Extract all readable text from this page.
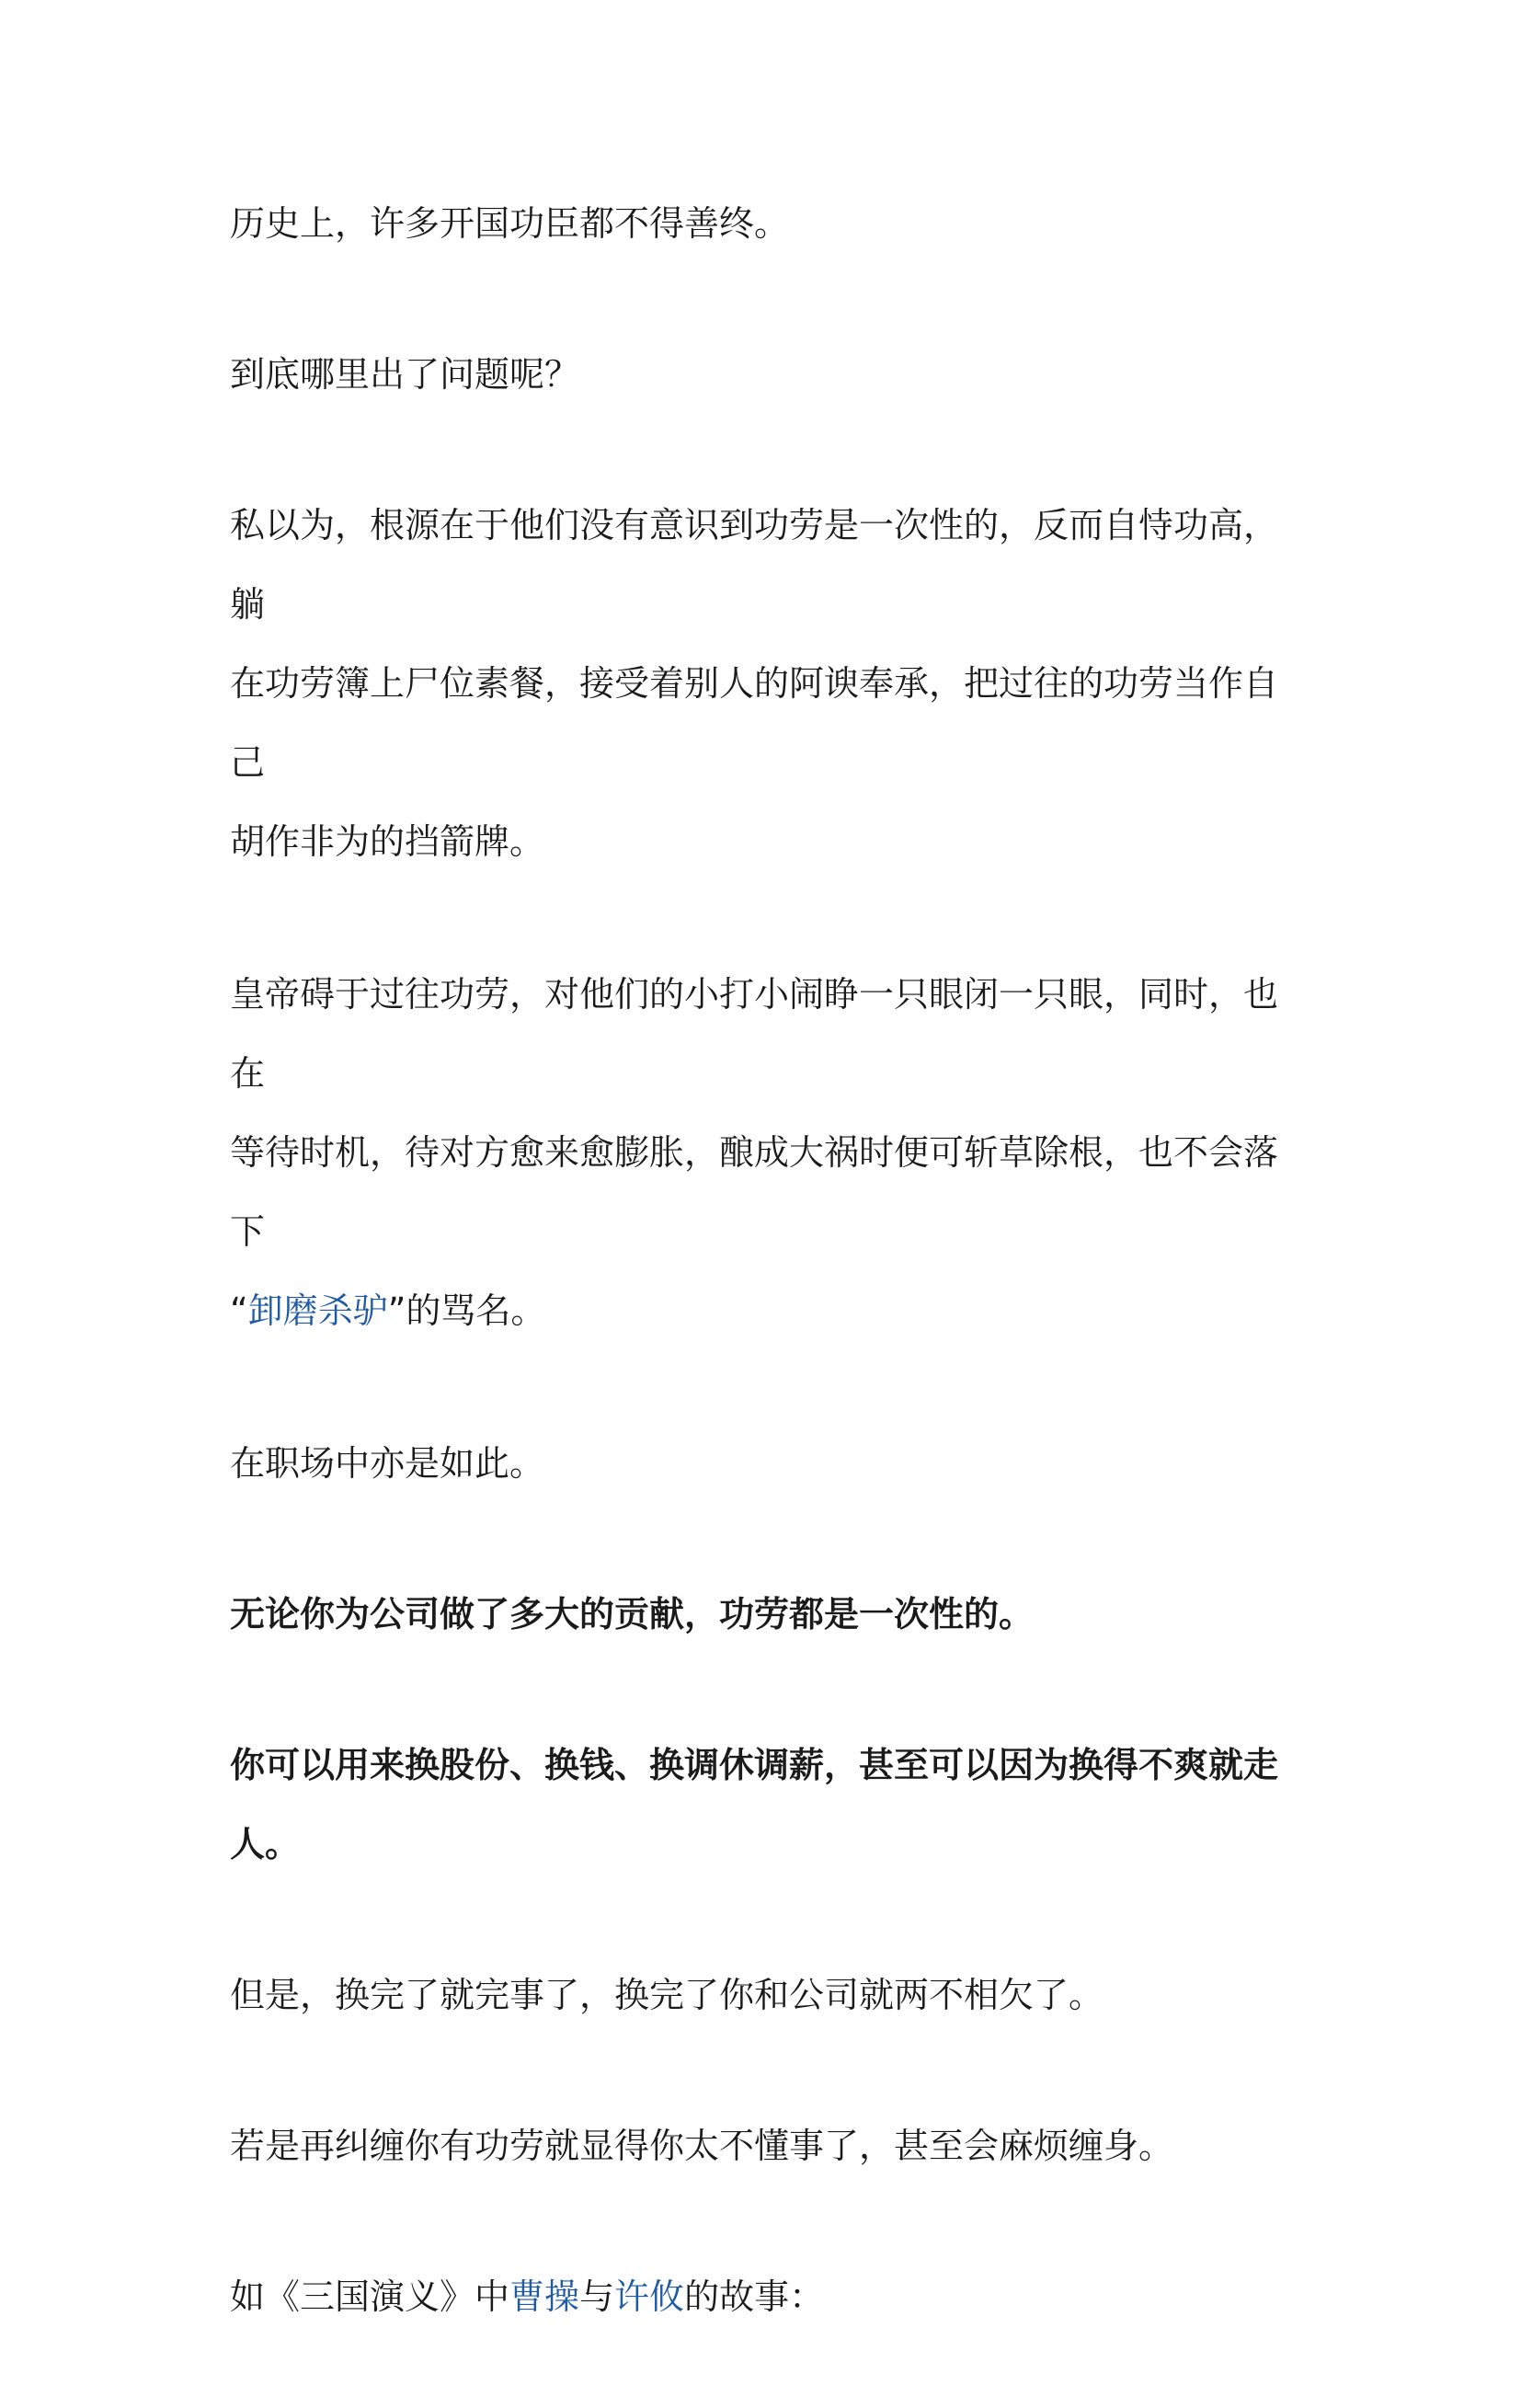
历史上，许多开国功臣都不得善终。

到底哪里出了问题呢？

私以为，根源在于他们没有意识到功劳是一次性的，反而自恃功高，躺
在功劳簿上尸位素餐，接受着别人的阿谀奉承，把过往的功劳当作自己
胡作非为的挡箭牌。

皇帝碍于过往功劳，对他们的小打小闹睁一只眼闭一只眼，同时，也在
等待时机，待对方愈来愈膨胀，酿成大祸时便可斩草除根，也不会落下
“卸磨杀驴”的骂名。

在职场中亦是如此。

无论你为公司做了多大的贡献，功劳都是一次性的。

你可以用来换股份、换钱、换调休调薪，甚至可以因为换得不爽就走人。

但是，换完了就完事了，换完了你和公司就两不相欠了。

若是再纠缠你有功劳就显得你太不懂事了，甚至会麻烦缠身。

如《三国演义》中曹操与许攸的故事：
